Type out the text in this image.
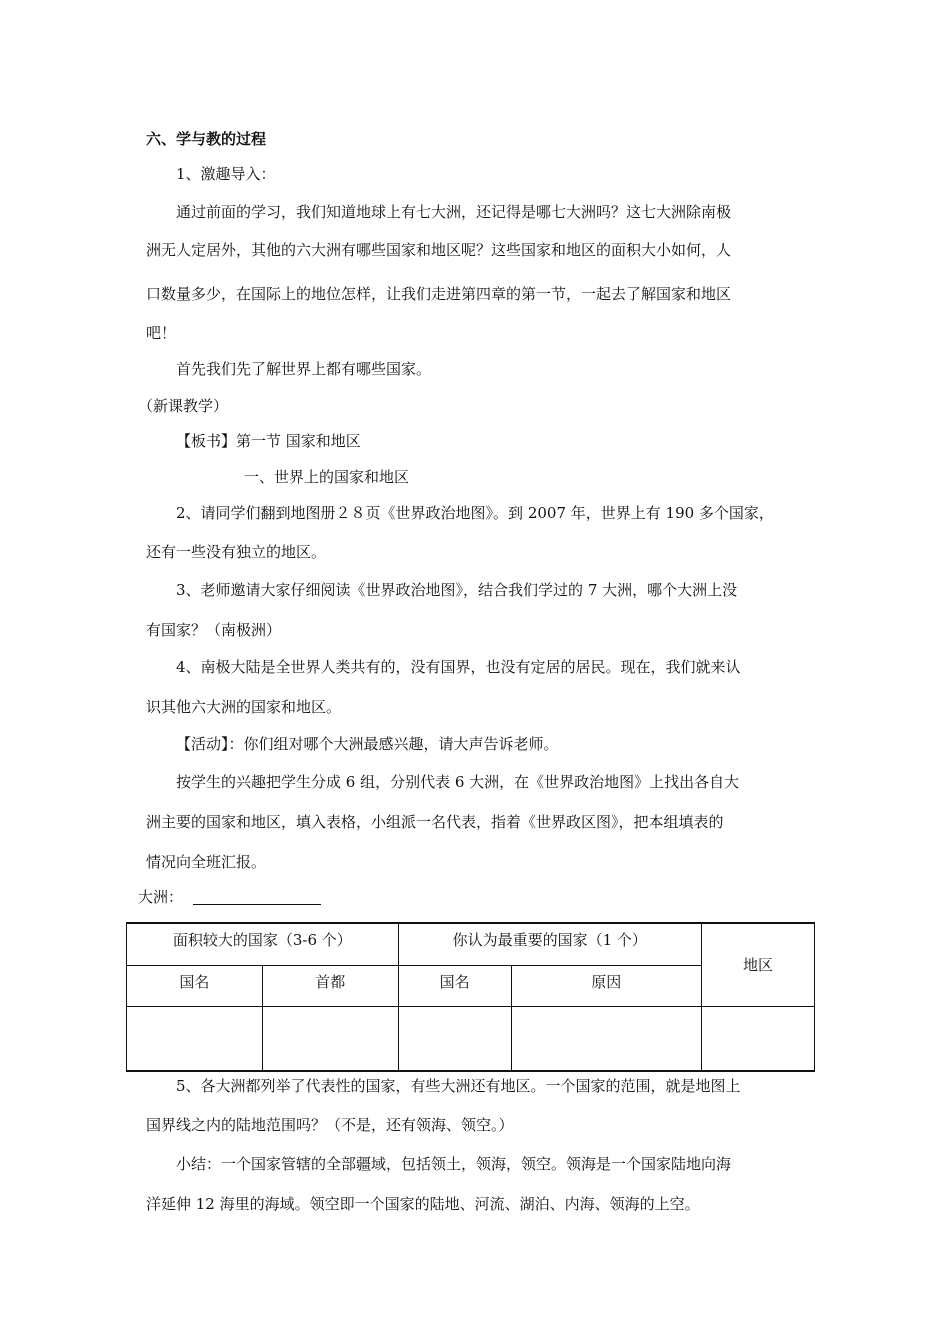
六、学与教的过程
1、激趣导入：
通过前面的学习，我们知道地球上有七大洲，还记得是哪七大洲吗？这七大洲除南极
洲无人定居外，其他的六大洲有哪些国家和地区呢？这些国家和地区的面积大小如何，人
口数量多少，在国际上的地位怎样，让我们走进第四章的第一节，一起去了解国家和地区
吧！
首先我们先了解世界上都有哪些国家。
（新课教学）
【板书】第一节 国家和地区
一、世界上的国家和地区
2、请同学们翻到地图册２８页《世界政治地图》。到 2007 年，世界上有 190 多个国家，
还有一些没有独立的地区。
3、老师邀请大家仔细阅读《世界政治地图》，结合我们学过的 7 大洲，哪个大洲上没
有国家？（南极洲）
4、南极大陆是全世界人类共有的，没有国界，也没有定居的居民。现在，我们就来认
识其他六大洲的国家和地区。
【活动】：你们组对哪个大洲最感兴趣，请大声告诉老师。
按学生的兴趣把学生分成 6 组，分别代表 6 大洲，在《世界政治地图》上找出各自大
洲主要的国家和地区，填入表格，小组派一名代表，指着《世界政区图》，把本组填表的
情况向全班汇报。
大洲：
面积较大的国家（3-6 个）		你认为最重要的国家（1 个）		地区
国名	首都	国名	原因	

5、各大洲都列举了代表性的国家，有些大洲还有地区。一个国家的范围，就是地图上
国界线之内的陆地范围吗？（不是，还有领海、领空。）
小结：一个国家管辖的全部疆域，包括领土，领海，领空。领海是一个国家陆地向海
洋延伸 12 海里的海域。领空即一个国家的陆地、河流、湖泊、内海、领海的上空。
